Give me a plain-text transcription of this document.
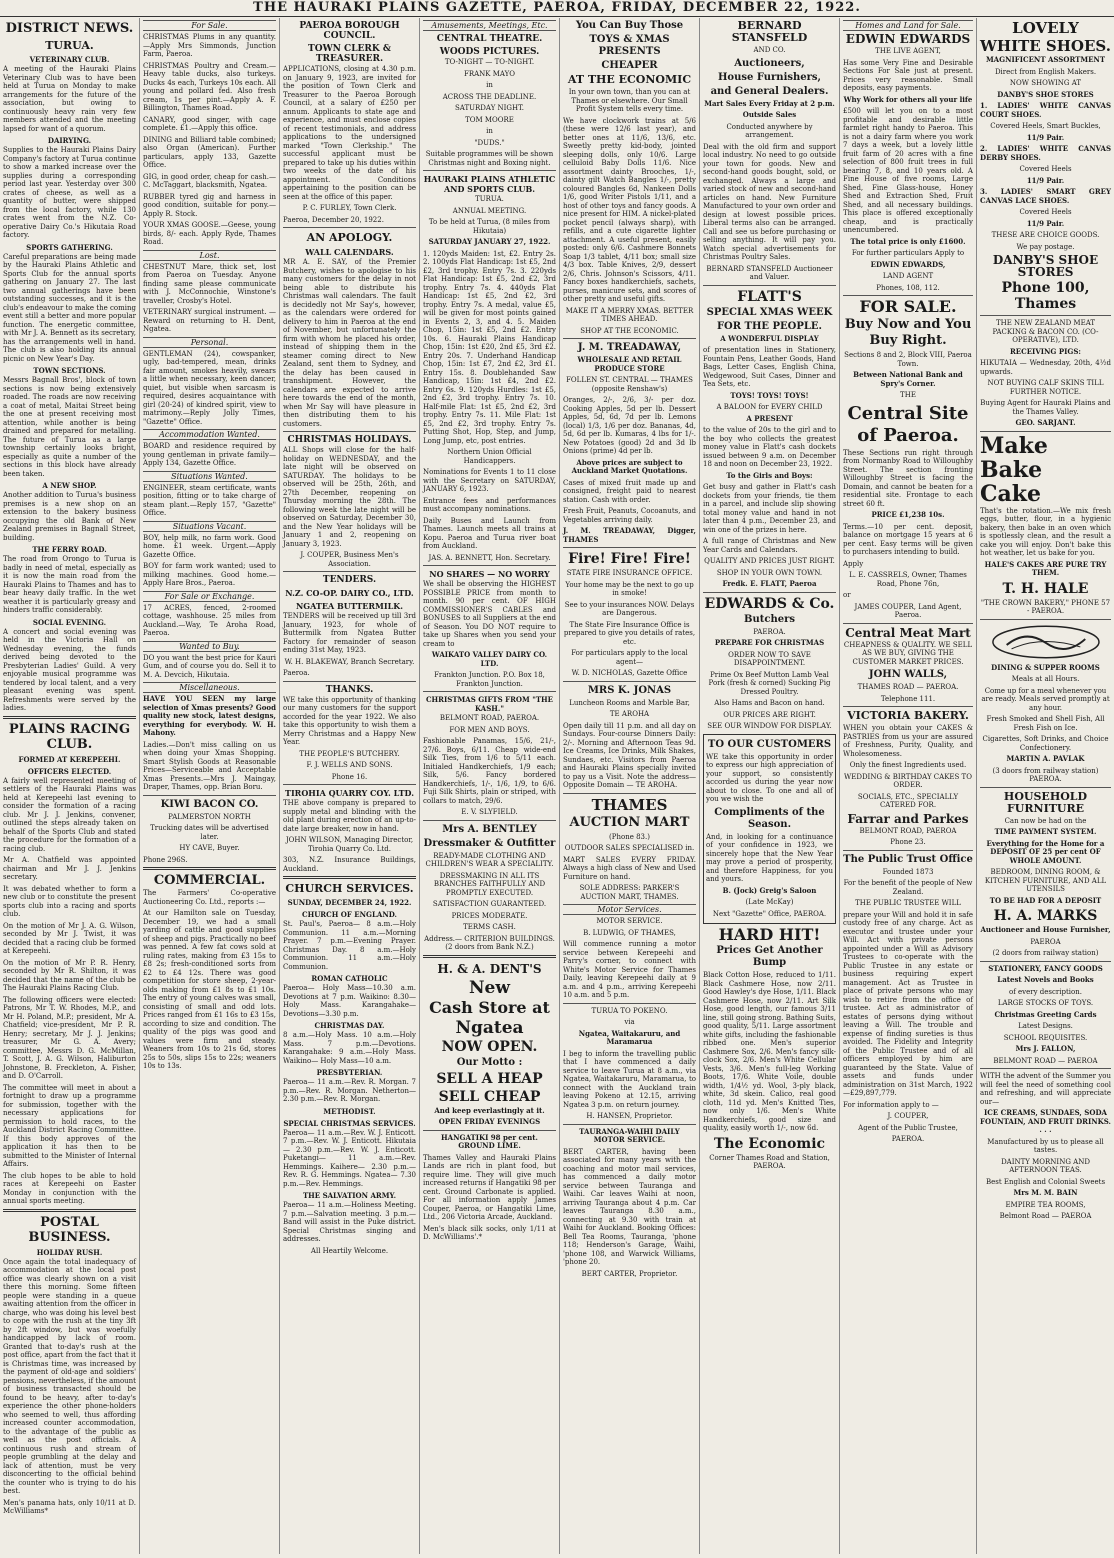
THE HAURAKI PLAINS GAZETTE, PAEROA, FRIDAY, DECEMBER 22, 1922.
DISTRICT NEWS.
TURUA.
VETERINARY CLUB.

A meeting of the Hauraki Plains Veterinary Club was to have been held at Turua on Monday to make arrangements for the future of the association, but owing to continuously heavy rain very few members attended and the meeting lapsed for want of a quorum.

DAIRYING.

Supplies to the Hauraki Plains Dairy Company's factory at Turua continue to show a marked increase over the supplies during a corresponding period last year. Yesterday over 300 crates of cheese, as well as a quantity of butter, were shipped from the local factory, while 130 crates went from the N.Z. Co-operative Dairy Co.'s Hikutaia Road factory.

SPORTS GATHERING.

Careful preparations are being made by the Hauraki Plains Athletic and Sports Club for the annual sports gathering on January 27. The last two annual gatherings have been outstanding successes, and it is the club's endeavour to make the coming event still a better and more popular function. The energetic committee, with Mr J. A. Bennett as its secretary, has the arrangements well in hand. The club is also holding its annual picnic on New Year's Day.

TOWN SECTIONS.

Messrs Bagnall Bros', block of town sections is now being extensively roaded. The roads are now receiving a coat of metal, Maitai Street being the one at present receiving most attention, while another is being drained and prepared for metalling. The future of Turua as a large township certainly looks bright, especially as quite a number of the sections in this block have already been taken.

A NEW SHOP.

Another addition to Turua's business premises is a new shop on an extension to the bakery business occupying the old Bank of New Zealand premises in Bagnall Street, building.

THE FERRY ROAD.

The road from Orongo to Turua is badly in need of metal, especially as it is now the main road from the Hauraki Plains to Thames and has to bear heavy daily traffic. In the wet weather it is particularly greasy and hinders traffic considerably.

SOCIAL EVENING.

A concert and social evening was held in the Victoria Hall on Wednesday evening, the funds derived being devoted to the Presbyterian Ladies' Guild. A very enjoyable musical programme was tendered by local talent, and a very pleasant evening was spent. Refreshments were served by the ladies.

PLAINS RACING CLUB.
FORMED AT KEREPEEHI.
OFFICERS ELECTED.

A fairly well represented meeting of settlers of the Hauraki Plains was held at Kerepeehi last evening to consider the formation of a racing club. Mr J. J. Jenkins, convener, outlined the steps already taken on behalf of the Sports Club and stated the procedure for the formation of a racing club.

Mr A. Chatfield was appointed chairman and Mr J. J. Jenkins secretary.

It was debated whether to form a new club or to constitute the present sports club into a racing and sports club.

On the motion of Mr J. A. G. Wilson, seconded by Mr J. Twist, it was decided that a racing club be formed at Kerepeehi.

On the motion of Mr P. R. Henry, seconded by Mr R. Shilton, it was decided that the name of the club be The Hauraki Plains Racing Club.

The following officers were elected: Patrons, Mr T. W. Rhodes, M.P., and Mr H. Poland, M.P.; president, Mr A. Chatfield; vice-president, Mr P. R. Henry; secretary, Mr J. J. Jenkins; treasurer, Mr G. A. Avery; committee, Messrs D. G. McMillan, T. Scott, J. A. G. Wilson, Haliburton Johnstone, B. Freckleton, A. Fisher, and D. O'Carroll.

The committee will meet in about a fortnight to draw up a programme for submission, together with the necessary applications for permission to hold races, to the Auckland District Racing Committee. If this body approves of the application it has then to be submitted to the Minister of Internal Affairs.

The club hopes to be able to hold races at Kerepeehi on Easter Monday in conjunction with the annual sports meeting.

POSTAL BUSINESS.
HOLIDAY RUSH.

Once again the total inadequacy of accommodation at the local post office was clearly shown on a visit there this morning. Some fifteen people were standing in a queue awaiting attention from the officer in charge, who was doing his level best to cope with the rush at the tiny 3ft by 2ft window, but was woefully handicapped by lack of room. Granted that to-day's rush at the post office, apart from the fact that it is Christmas time, was increased by the payment of old-age and soldiers' pensions, nevertheless, if the amount of business transacted should be found to be heavy, after to-day's experience the other phone-holders who seemed to well, thus affording increased counter accommodation, to the advantage of the public as well as the post officials. A continuous rush and stream of people grumbling at the delay and lack of attention, must be very disconcerting to the official behind the counter who is trying to do his best.

Men's panama hats, only 10/11 at D. McWilliams*

For Sale.

CHRISTMAS Plums in any quantity.—Apply Mrs Simmonds, Junction Farm, Paeroa.

CHRISTMAS Poultry and Cream.—Heavy table ducks, also turkeys. Ducks 4s each, Turkeys 10s each. All young and pollard fed. Also fresh cream, 1s per pint.—Apply A. F. Billington, Thames Road.

CANARY, good singer, with cage complete. £1.—Apply this office.

DINING and Billiard table combined; also Organ (American). Further particulars, apply 133, Gazette Office.

GIG, in good order, cheap for cash.—C. McTaggart, blacksmith, Ngatea.

RUBBER tyred gig and harness in good condition, suitable for pony.—Apply R. Stock.

YOUR XMAS GOOSE.—Geese, young birds, 8/- each. Apply Ryde, Thames Road.

Lost.

CHESTNUT Mare, thick set, lost from Paeroa on Tuesday. Anyone finding same please communicate with J. McConnochie, Winstone's traveller, Crosby's Hotel.

VETERINARY surgical instrument. — Reward on returning to H. Dent, Ngatea.

Personal.

GENTLEMAN (24), cowspanker, ugly, bad-tempered, mean, drinks fair amount, smokes heavily, swears a little when necessary, keen dancer, quiet, but visible when sarcasm is required, desires acquaintance with girl (20-24) of kindred spirit, view to matrimony.—Reply Jolly Times, "Gazette" Office.

Accommodation Wanted.

BOARD and residence required by young gentleman in private family—Apply 134, Gazette Office.

Situations Wanted.

ENGINEER, steam certificate, wants position, fitting or to take charge of steam plant.—Reply 157, "Gazette" Office.

Situations Vacant.

BOY, help milk, no farm work. Good home. £1 week. Urgent.—Apply Gazette Office.

BOY for farm work wanted; used to milking machines. Good home.—Apply Hare Bros., Paeroa.

For Sale or Exchange.

17 ACRES, fenced, 2-roomed cottage, washhouse. 25 miles from Auckland.—Way, Te Aroha Road, Paeroa.

Wanted to Buy.

DO you want the best price for Kauri Gum, and of course you do. Sell it to M. A. Devcich, Hikutaia.

Miscellaneous.

HAVE YOU SEEN my large selection of Xmas presents? Good quality new stock, latest designs, everything for everybody. W. H. Mahony.

Ladies.—Don't miss calling on us when doing your Xmas Shopping. Smart Stylish Goods at Reasonable Prices—Serviceable and Acceptable Xmas Presents.—Mrs J. Maingay, Draper, Thames, opp. Brian Boru.

KIWI BACON CO.

PALMERSTON NORTH

Trucking dates will be advertised later.

HY CAVE, Buyer.

Phone 296S.

COMMERCIAL.

The Farmers' Co-operative Auctioneering Co. Ltd., reports :—

At our Hamilton sale on Tuesday, December 19, we had a small yarding of cattle and good supplies of sheep and pigs. Practically no beef was penned. A few fat cows sold at ruling rates, making from £3 15s to £8 2s; fresh-conditioned sorts from £2 to £4 12s. There was good competition for store sheep, 2-year-olds making from £1 8s to £1 10s. The entry of young calves was small, consisting of small and odd lots. Prices ranged from £1 16s to £3 15s, according to size and condition. The quality of the pigs was good and values were firm and steady. Weaners from 10s to 21s 6d, stores 25s to 50s, slips 15s to 22s; weaners 10s to 13s.

PAEROA BOROUGH COUNCIL.
TOWN CLERK & TREASURER.

APPLICATIONS, closing at 4.30 p.m. on January 9, 1923, are invited for the position of Town Clerk and Treasurer to the Paeroa Borough Council, at a salary of £250 per annum. Applicants to state age and experience, and must enclose copies of recent testimonials, and address applications to the undersigned marked "Town Clerkship." The successful applicant must be prepared to take up his duties within two weeks of the date of his appointment. Conditions appertaining to the position can be seen at the office of this paper.

P. C. FURLEY, Town Clerk.

Paeroa, December 20, 1922.

AN APOLOGY.
WALL CALENDARS.

MR A. E. SAY, of the Premier Butchery, wishes to apologise to his many customers for the delay in not being able to distribute his Christmas wall calendars. The fault is decidedly not Mr Say's, however, as the calendars were ordered for delivery to him in Paeroa at the end of November, but unfortunately the firm with whom he placed his order, instead of shipping them in the steamer coming direct to New Zealand, sent them to Sydney, and the delay has been caused in transhipment. However, the calendars are expected to arrive here towards the end of the month, when Mr Say will have pleasure in then distributing them to his customers.

CHRISTMAS HOLIDAYS.

ALL Shops will close for the half-holiday on WEDNESDAY, and the late night will be observed on SATURDAY. The holidays to be observed will be 25th, 26th, and 27th December, reopening on Thursday morning the 28th. The following week the late night will be observed on Saturday, December 30, and the New Year holidays will be January 1 and 2, reopening on January 3, 1923.

J. COUPER, Business Men's Association.

TENDERS.
N.Z. CO-OP. DAIRY CO., LTD.
NGATEA BUTTERMILK.

TENDERS will be received up till 3rd January, 1923, for whole of Buttermilk from Ngatea Butter Factory for remainder of season ending 31st May, 1923.

W. H. BLAKEWAY, Branch Secretary.

Paeroa.

THANKS.

WE take this opportunity of thanking our many customers for the support accorded for the year 1922. We also take this opportunity to wish them a Merry Christmas and a Happy New Year.

THE PEOPLE'S BUTCHERY.

F. J. WELLS AND SONS.

Phone 16.

TIROHIA QUARRY COY. LTD.

THE above company is prepared to supply metal and blinding with the old plant during erection of an up-to-date large breaker, now in hand.

JOHN WILSON, Managing Director, Tirohia Quarry Co. Ltd.

303, N.Z. Insurance Buildings, Auckland.

CHURCH SERVICES.
SUNDAY, DECEMBER 24, 1922.
CHURCH OF ENGLAND.

St. Paul's, Paeroa— 8 a.m.—Holy Communion. 11 a.m.—Morning Prayer. 7 p.m.—Evening Prayer. Christmas Day. 8 a.m.—Holy Communion. 11 a.m.—Holy Communion.

ROMAN CATHOLIC

Paeroa— Holy Mass—10.30 a.m. Devotions at 7 p.m. Waikino: 8.30—Holy Mass. Karangahake— Devotions—3.30 p.m.

CHRISTMAS DAY.

8 a.m.—Holy Mass. 10 a.m.—Holy Mass. 7 p.m.—Devotions. Karangahake: 9 a.m.—Holy Mass. Waikino— Holy Mass—10 a.m.

PRESBYTERIAN.

Paeroa— 11 a.m.—Rev. R. Morgan. 7 p.m.—Rev. R. Morgan. Netherton— 2.30 p.m.—Rev. R. Morgan.

METHODIST.
SPECIAL CHRISTMAS SERVICES.

Paeroa— 11 a.m.—Rev. W. J. Enticott. 7 p.m.—Rev. W. J. Enticott. Hikutaia— 2.30 p.m.—Rev. W. J. Enticott. Puketangi— 11 a.m.—Rev. Hemmings. Kaihere— 2.30 p.m.—Rev. R. G. Hemmings. Ngatea— 7.30 p.m.—Rev. Hemmings.

THE SALVATION ARMY.

Paeroa— 11 a.m.—Holiness Meeting. 7 p.m.—Salvation meeting. 3 p.m.—Band will assist in the Puke district. Special Christmas singing and addresses.

All Heartily Welcome.

Amusements, Meetings, Etc.
CENTRAL THEATRE.
WOODS PICTURES.

TO-NIGHT — TO-NIGHT.

FRANK MAYO

in

ACROSS THE DEADLINE.

SATURDAY NIGHT.

TOM MOORE

in

"DUDS."

Suitable programmes will be shown Christmas night and Boxing night.

HAURAKI PLAINS ATHLETIC AND SPORTS CLUB.

TURUA.

ANNUAL MEETING.

To be held at Turua, (8 miles from Hikutaia)

SATURDAY JANUARY 27, 1922.

1. 120yds Maiden: 1st, £2. Entry 2s. 2. 100yds Flat Handicap: 1st £5, 2nd £2, 3rd trophy. Entry 7s. 3. 220yds Flat Handicap: 1st £5, 2nd £2, 3rd trophy. Entry 7s. 4. 440yds Flat Handicap: 1st £5, 2nd £2, 3rd trophy. Entry 7s. A medal, value £5, will be given for most points gained in Events 2, 3, and 4. 5. Maiden Chop, 15in: 1st £5, 2nd £2. Entry 10s. 6. Hauraki Plains Handicap Chop, 15in: 1st £20, 2nd £5, 3rd £2. Entry 20s. 7. Underhand Handicap Chop, 15in: 1st £7, 2nd £2, 3rd £1. Entry 15s. 8. Doublehanded Saw Handicap, 15in: 1st £4, 2nd £2. Entry 6s. 9. 120yds Hurdles: 1st £5, 2nd £2, 3rd trophy. Entry 7s. 10. Half-mile Flat: 1st £5, 2nd £2, 3rd trophy. Entry 7s. 11. Mile Flat: 1st £5, 2nd £2, 3rd trophy. Entry 7s. Putting Shot, Hop, Step, and Jump, Long Jump, etc, post entries.

Northern Union Official Handicappers.

Nominations for Events 1 to 11 close with the Secretary on SATURDAY, JANUARY 6, 1923.

Entrance fees and performances must accompany nominations.

Daily Buses and Launch from Thames. Launch meets all trains at Kopu. Paeroa and Turua river boat from Auckland.

JAS. A. BENNETT, Hon. Secretary.

NO SHARES — NO WORRY

We shall be observing the HIGHEST POSSIBLE PRICE from month to month. 90 per cent. OF HIGH COMMISSIONER'S CABLES and BONUSES to all Suppliers at the end of Season. You DO NOT require to take up Shares when you send your cream to

WAIKATO VALLEY DAIRY CO. LTD.

Frankton Junction. P.O. Box 18, Frankton Junction.

CHRISTMAS GIFTS FROM "THE KASH."

BELMONT ROAD, PAEROA.

FOR MEN AND BOYS.

Fashionable Panamas, 15/6, 21/-, 27/6. Boys, 6/11. Cheap wide-end Silk Ties, from 1/6 to 5/11 each. Initialed Handkerchiefs, 1/9 each; Silk, 5/6. Fancy bordered Handkerchiefs, 1/-, 1/6, 1/9, to 6/6. Fuji Silk Shirts, plain or striped, with collars to match, 29/6.

E. V. SLYFIELD.

Mrs A. BENTLEY
Dressmaker & Outfitter

READY-MADE CLOTHING AND CHILDREN'S WEAR A SPECIALITY.

DRESSMAKING IN ALL ITS BRANCHES FAITHFULLY AND PROMPTLY EXECUTED.

SATISFACTION GUARANTEED.

PRICES MODERATE.

TERMS CASH.

Address.— CRITERION BUILDINGS. (2 doors from Bank N.Z.)

H. & A. DENT'S
New
Cash Store at
Ngatea
NOW OPEN.
Our Motto :
SELL A HEAP
SELL CHEAP

And keep everlastingly at it.

OPEN FRIDAY EVENINGS

HANGATIKI 98 per cent. GROUND LIME.

Thames Valley and Hauraki Plains Lands are rich in plant food, but require lime. They will give much increased returns if Hangatiki 98 per cent. Ground Carbonate is applied. For all information apply James Couper, Paeroa, or Hangatiki Lime, Ltd., 206 Victoria Arcade, Auckland.

Men's black silk socks, only 1/11 at D. McWilliams'.*

You Can Buy Those
TOYS & XMAS PRESENTS
CHEAPER
AT THE ECONOMIC

In your own town, than you can at Thames or elsewhere. Our Small Profit System tells every time.

We have clockwork trains at 5/6 (these were 12/6 last year), and better ones at 11/6, 13/6, etc. Sweetly pretty kid-body, jointed sleeping dolls, only 10/6. Large celluloid Baby Dolls 11/6. Nice assortment dainty Brooches, 1/-, dainty gilt Watch Bangles 1/-, pretty coloured Bangles 6d, Nankeen Dolls 1/6, good Writer Pistols 1/11, and a host of other toys and fancy goods. A nice present for HIM. A nickel-plated pocket pencil (always sharp), with refills, and a cute cigarette lighter attachment. A useful present, easily posted: only 6/6. Cashmere Bonnets Soap 1/3 tablet, 4/11 box; small size 4/3 box. Table Knives, 2/9, dessert 2/6, Chris. Johnson's Scissors, 4/11. Fancy boxes handkerchiefs, sachets, purses, manicure sets, and scores of other pretty and useful gifts.

MAKE IT A MERRY XMAS. BETTER TIMES AHEAD.

SHOP AT THE ECONOMIC.

J. M. TREADAWAY,

WHOLESALE AND RETAIL PRODUCE STORE

FOLLEN ST. CENTRAL — THAMES (opposite Renshaw's)

Oranges, 2/-, 2/6, 3/- per doz. Cooking Apples, 5d per lb. Dessert Apples, 5d, 6d, 7d per lb. Lemons (local) 1/3, 1/6 per doz. Bananas, 4d, 5d, 6d per lb. Kumaras, 4 lbs for 1/-. New Potatoes (good) 2d and 3d lb Onions (prime) 4d per lb.

Above prices are subject to Auckland Market Quotations.

Cases of mixed fruit made up and consigned, freight paid to nearest station. Cash with order.

Fresh Fruit, Peanuts, Cocoanuts, and Vegetables arriving daily.

J. M. TREADAWAY, Digger, THAMES

Fire! Fire! Fire!

STATE FIRE INSURANCE OFFICE.

Your home may be the next to go up in smoke!

See to your insurances NOW. Delays are Dangerous.

The State Fire Insurance Office is prepared to give you details of rates, etc.

For particulars apply to the local agent—

W. D. NICHOLAS, Gazette Office

MRS K. JONAS

Luncheon Rooms and Marble Bar,

TE AROHA

Open daily till 11 p.m. and all day on Sundays. Four-course Dinners Daily: 2/-. Morning and Afternoon Teas 9d. Ice Creams, Ice Drinks, Milk Shakes, Sundaes, etc. Visitors from Paeroa and Hauraki Plains specially invited to pay us a Visit. Note the address— Opposite Domain — TE AROHA.

THAMES
AUCTION MART

(Phone 83.)

OUTDOOR SALES SPECIALISED in.

MART SALES EVERY FRIDAY. Always a high class of New and Used Furniture on hand.

SOLE ADDRESS: PARKER'S AUCTION MART, THAMES.

Motor Services.

MOTOR SERVICE.

B. LUDWIG, OF THAMES,

Will commence running a motor service between Kerepeehi and Parry's corner, to connect with White's Motor Service for Thames Daily, leaving Kerepeehi daily at 9 a.m. and 4 p.m., arriving Kerepeehi 10 a.m. and 5 p.m.

TURUA TO POKENO.

via

Ngatea, Waitakaruru, and Maramarua

I beg to inform the travelling public that I have commenced a daily service to leave Turua at 8 a.m., via Ngatea, Waitakaruru, Maramarua, to connect with the Auckland train leaving Pokeno at 12.15, arriving Ngatea 3 p.m. on return journey.

H. HANSEN, Proprietor.

TAURANGA-WAIHI DAILY MOTOR SERVICE.

BERT CARTER, having been associated for many years with the coaching and motor mail services, has commenced a daily motor service between Tauranga and Waihi. Car leaves Waihi at noon, arriving Tauranga about 4 p.m. Car leaves Tauranga 8.30 a.m., connecting at 9.30 with train at Waihi for Auckland. Booking Offices: Bell Tea Rooms, Tauranga, 'phone 118; Henderson's Garage, Waihi, 'phone 108, and Warwick Williams, 'phone 20.

BERT CARTER, Proprietor.

BERNARD STANSFELD

AND CO.

Auctioneers,
House Furnishers,
and General Dealers.

Mart Sales Every Friday at 2 p.m.

Outside Sales

Conducted anywhere by arrangement.

Deal with the old firm and support local industry. No need to go outside your town for goods. New and second-hand goods bought, sold, or exchanged. Always a large and varied stock of new and second-hand articles on hand. New Furniture Manufactured to your own order and design at lowest possible prices. Liberal terms also can be arranged. Call and see us before purchasing or selling anything. It will pay you. Watch special advertisements for Christmas Poultry Sales.

BERNARD STANSFELD Auctioneer and Valuer.

FLATT'S
SPECIAL XMAS WEEK
FOR THE PEOPLE.

A WONDERFUL DISPLAY

of presentation lines in Stationery, Fountain Pens, Leather Goods, Hand Bags, Letter Cases, English China, Wedgewood, Suit Cases, Dinner and Tea Sets, etc.

TOYS! TOYS! TOYS!

A BALOON for EVERY CHILD

A PRESENT

to the value of 20s to the girl and to the boy who collects the greatest money value in Flatt's cash dockets issued between 9 a.m. on December 18 and noon on December 23, 1922.

To the Girls and Boys:

Get busy and gather in Flatt's cash dockets from your friends, tie them in a parcel, and include slip showing total money value and hand in not later than 4 p.m., December 23, and win one of the prizes in here.

A full range of Christmas and New Year Cards and Calendars.

QUALITY AND PRICES JUST RIGHT.

SHOP IN YOUR OWN TOWN.

Fredk. E. FLATT, Paeroa

EDWARDS & Co.
Butchers

PAEROA.

PREPARE FOR CHRISTMAS

ORDER NOW TO SAVE DISAPPOINTMENT.

Prime Ox Beef Mutton Lamb Veal Pork (fresh & corned) Sucking Pig Dressed Poultry.

Also Hams and Bacon on hand.

OUR PRICES ARE RIGHT.

SEE OUR WINDOW FOR DISPLAY.

TO OUR CUSTOMERS

WE take this opportunity in order to express our high appreciation of your support, so consistently accorded us during the year now about to close. To one and all of you we wish the

Compliments of the Season.

And, in looking for a continuance of your confidence in 1923, we sincerely hope that the New Year may prove a period of prosperity, and therefore Happiness, for you and yours.

B. (Jock) Greig's Saloon

(Late McKay)

Next "Gazette" Office, PAEROA.

HARD HIT!
Prices Get Another Bump

Black Cotton Hose, reduced to 1/11. Black Cashmere Hose, now 2/11. Good Hawley's dye Hose, 1/11. Black Cashmere Hose, now 2/11. Art Silk Hose, good length, our famous 3/11 line, still going strong. Bathing Suits, good quality, 5/11. Large assortment white gifts, including the fashionable ribbed one. Men's superior Cashmere Sox, 2/6. Men's fancy silk-clock Sox, 2/6. Men's White Cellular Vests, 3/6. Men's full-leg Working Boots, 17/6. White Voile, double width, 1/4½ yd. Wool, 3-ply black, white, 3d skein. Calico, real good cloth, 11d yd. Men's Knitted Ties, now only 1/6. Men's White Handkerchiefs, good size and quality, easily worth 1/-, now 6d.

The Economic

Corner Thames Road and Station, PAEROA.

Homes and Land for Sale.
EDWIN EDWARDS

THE LIVE AGENT,

Has some Very Fine and Desirable Sections For Sale just at present. Prices very reasonable. Small deposits, easy payments.

Why Work for others all your life

£500 will let you on to a most profitable and desirable little farmlet right handy to Paeroa. This is not a dairy farm where you work 7 days a week, but a lovely little fruit farm of 20 acres with a fine selection of 800 fruit trees in full bearing 7, 8, and 10 years old. A Fine House of five rooms, Large Shed, Fine Glass-house, Honey Shed and Extraction Shed, Fruit Shed, and all necessary buildings. This place is offered exceptionally cheap, and is practically unencumbered.

The total price is only £1600.

For further particulars Apply to

EDWIN EDWARDS,

LAND AGENT

Phones, 108, 112.

FOR SALE.
Buy Now and You Buy Right.

Sections 8 and 2, Block VIII, Paeroa Town.

Between National Bank and Spry's Corner.

THE

Central Site of Paeroa.

These Sections run right through from Normanby Road to Willoughby Street. The section fronting Willoughby Street is facing the Domain, and cannot be beaten for a residential site. Frontage to each street 60 ft.

PRICE £1,238 10s.

Terms.—10 per cent. deposit, balance on mortgage 15 years at 6 per cent. Easy terms will be given to purchasers intending to build.

Apply

L. E. CASSRELS, Owner, Thames Road, Phone 76n,

or

JAMES COUPER, Land Agent, Paeroa.

Central Meat Mart

CHEAPNESS & QUALITY. WE SELL AS WE BUY, GIVING THE CUSTOMER MARKET PRICES.

JOHN WALLS,

THAMES ROAD — PAEROA.

Telephone 111.

VICTORIA BAKERY.

WHEN you obtain your CAKES & PASTRIES from us your are assured of Freshness, Purity, Quality, and Wholesomeness.

Only the finest Ingredients used.

WEDDING & BIRTHDAY CAKES TO ORDER.

SOCIALS, ETC., SPECIALLY CATERED FOR.

Farrar and Parkes

BELMONT ROAD, PAEROA

Phone 23.

The Public Trust Office

Founded 1873

For the benefit of the people of New Zealand.

THE PUBLIC TRUSTEE WILL

prepare your Will and hold it in safe custody free of any charge. Act as executor and trustee under your Will. Act with private persons appointed under a Will as Advisory Trustees to co-operate with the Public Trustee in any estate or business requiring expert management. Act as Trustee in place of private persons who may wish to retire from the office of trustee. Act as administrator of estates of persons dying without leaving a Will. The trouble and expense of finding sureties is thus avoided. The Fidelity and Integrity of the Public Trustee and of all officers employed by him are guaranteed by the State. Value of assets and funds under administration on 31st March, 1922—£29,897,779.

For information apply to —

J. COUPER,

Agent of the Public Trustee,

PAEROA.

LOVELY
WHITE SHOES.

MAGNIFICENT ASSORTMENT

Direct from English Makers.

NOW SHOWING AT

DANBY'S SHOE STORES

1. LADIES' WHITE CANVAS COURT SHOES.

Covered Heels, Smart Buckles,

11/9 Pair.

2. LADIES' WHITE CANVAS DERBY SHOES.

Covered Heels

11/9 Pair.

3. LADIES' SMART GREY CANVAS LACE SHOES.

Covered Heels

11/9 Pair.

THESE ARE CHOICE GOODS.

We pay postage.

DANBY'S SHOE STORES
Phone 100, Thames

THE NEW ZEALAND MEAT PACKING & BACON CO. (CO-OPERATIVE), LTD.

RECEIVING PIGS:

HIKUTAIA — Wednesday, 20th, 4½d upwards.

NOT BUYING CALF SKINS TILL FURTHER NOTICE.

Buying Agent for Hauraki Plains and the Thames Valley.

GEO. SARJANT.

Make
Bake
Cake

That's the rotation.—We mix fresh eggs, butter, flour, in a hygienic bakery, then bake in an oven which is spotlessly clean, and the result a cake you will enjoy. Don't bake this hot weather, let us bake for you.

HALE'S CAKES ARE PURE TRY THEM.

T. H. HALE

"THE CROWN BAKERY," PHONE 57 - PAEROA.

DINING & SUPPER ROOMS

Meals at all Hours.

Come up for a meal whenever you are ready. Meals served promptly at any hour.

Fresh Smoked and Shell Fish, All Fresh Fish on Ice.

Cigarettes, Soft Drinks, and Choice Confectionery.

MARTIN A. PAVLAK

(3 doors from railway station) PAEROA.

HOUSEHOLD FURNITURE

Can now be had on the

TIME PAYMENT SYSTEM.

Everything for the Home for a DEPOSIT OF 25 per cent OF WHOLE AMOUNT.

BEDROOM, DINING ROOM, & KITCHEN FURNITURE, AND ALL UTENSILS

TO BE HAD FOR A DEPOSIT

H. A. MARKS

Auctioneer and House Furnisher,

PAEROA

(2 doors from railway station)

STATIONERY, FANCY GOODS

Latest Novels and Books

of every description.

LARGE STOCKS OF TOYS.

Christmas Greeting Cards

Latest Designs.

SCHOOL REQUISITES.

Mrs J. FALLON,

BELMONT ROAD — PAEROA

WITH the advent of the Summer you will feel the need of something cool and refreshing, and will appreciate our—

ICE CREAMS, SUNDAES, SODA FOUNTAIN, AND FRUIT DRINKS. . . .

Manufactured by us to please all tastes.

DAINTY MORNING AND AFTERNOON TEAS.

Best English and Colonial Sweets

Mrs M. M. BAIN

EMPIRE TEA ROOMS,

Belmont Road — PAEROA
